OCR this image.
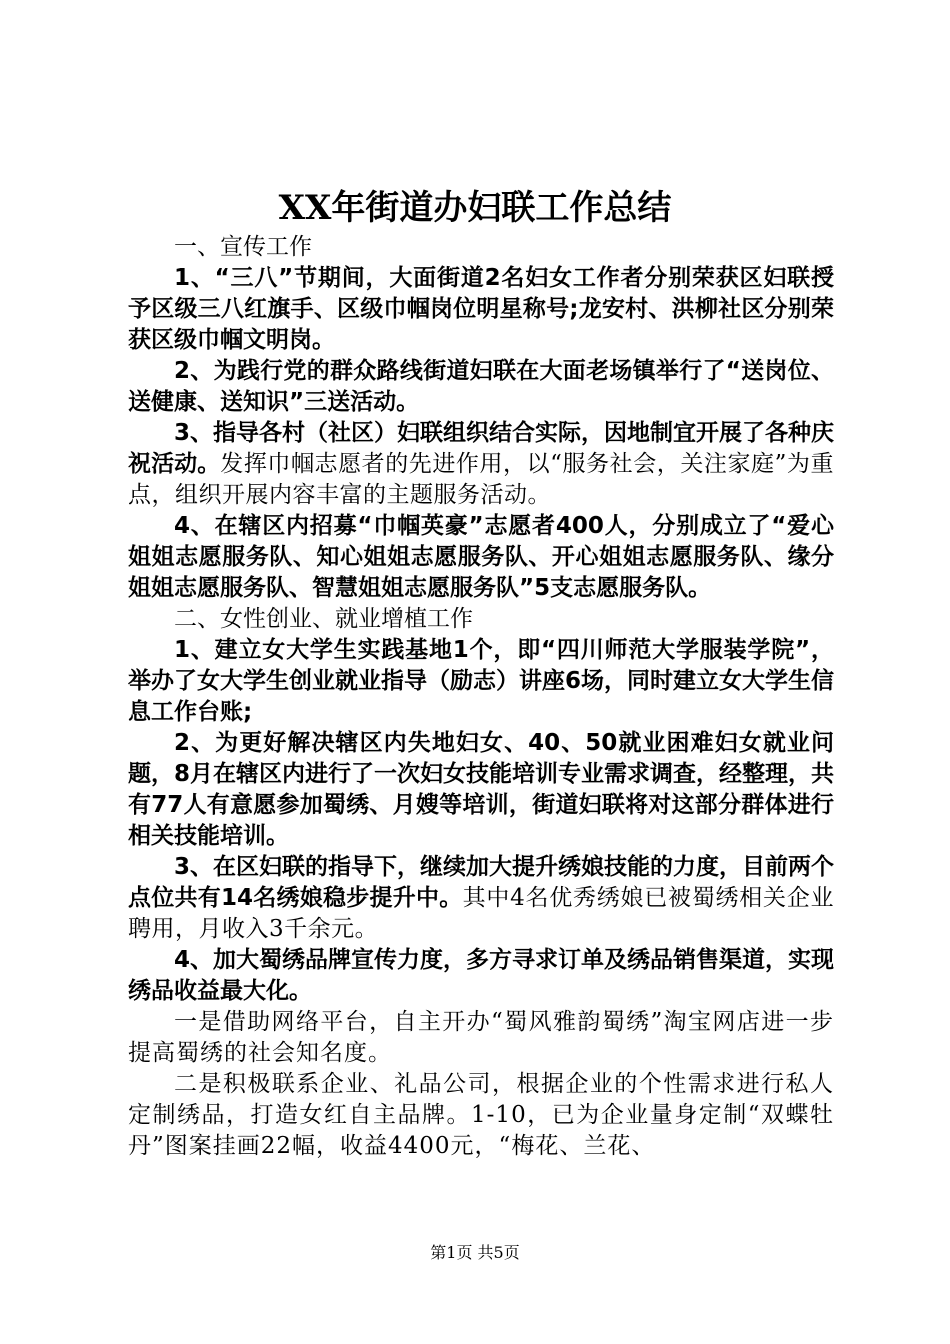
XX年街道办妇联工作总结

一、宣传工作

1、“三八”节期间，大面街道2名妇女工作者分别荣获区妇联授予区级三八红旗手、区级巾帼岗位明星称号;龙安村、洪柳社区分别荣获区级巾帼文明岗。

2、为践行党的群众路线街道妇联在大面老场镇举行了“送岗位、送健康、送知识”三送活动。

3、指导各村（社区）妇联组织结合实际，因地制宜开展了各种庆祝活动。发挥巾帼志愿者的先进作用，以“服务社会，关注家庭”为重点，组织开展内容丰富的主题服务活动。

4、在辖区内招募“巾帼英豪”志愿者400人，分别成立了“爱心姐姐志愿服务队、知心姐姐志愿服务队、开心姐姐志愿服务队、缘分姐姐志愿服务队、智慧姐姐志愿服务队”5支志愿服务队。

二、女性创业、就业增植工作

1、建立女大学生实践基地1个，即“四川师范大学服装学院”，举办了女大学生创业就业指导（励志）讲座6场，同时建立女大学生信息工作台账;

2、为更好解决辖区内失地妇女、40、50就业困难妇女就业问题，8月在辖区内进行了一次妇女技能培训专业需求调查，经整理，共有77人有意愿参加蜀绣、月嫂等培训，街道妇联将对这部分群体进行相关技能培训。

3、在区妇联的指导下，继续加大提升绣娘技能的力度，目前两个点位共有14名绣娘稳步提升中。其中4名优秀绣娘已被蜀绣相关企业聘用，月收入3千余元。

4、加大蜀绣品牌宣传力度，多方寻求订单及绣品销售渠道，实现绣品收益最大化。

一是借助网络平台，自主开办“蜀风雅韵蜀绣”淘宝网店进一步提高蜀绣的社会知名度。

二是积极联系企业、礼品公司，根据企业的个性需求进行私人定制绣品，打造女红自主品牌。1-10，已为企业量身定制“双蝶牡丹”图案挂画22幅，收益4400元，“梅花、兰花、

第1页 共5页
